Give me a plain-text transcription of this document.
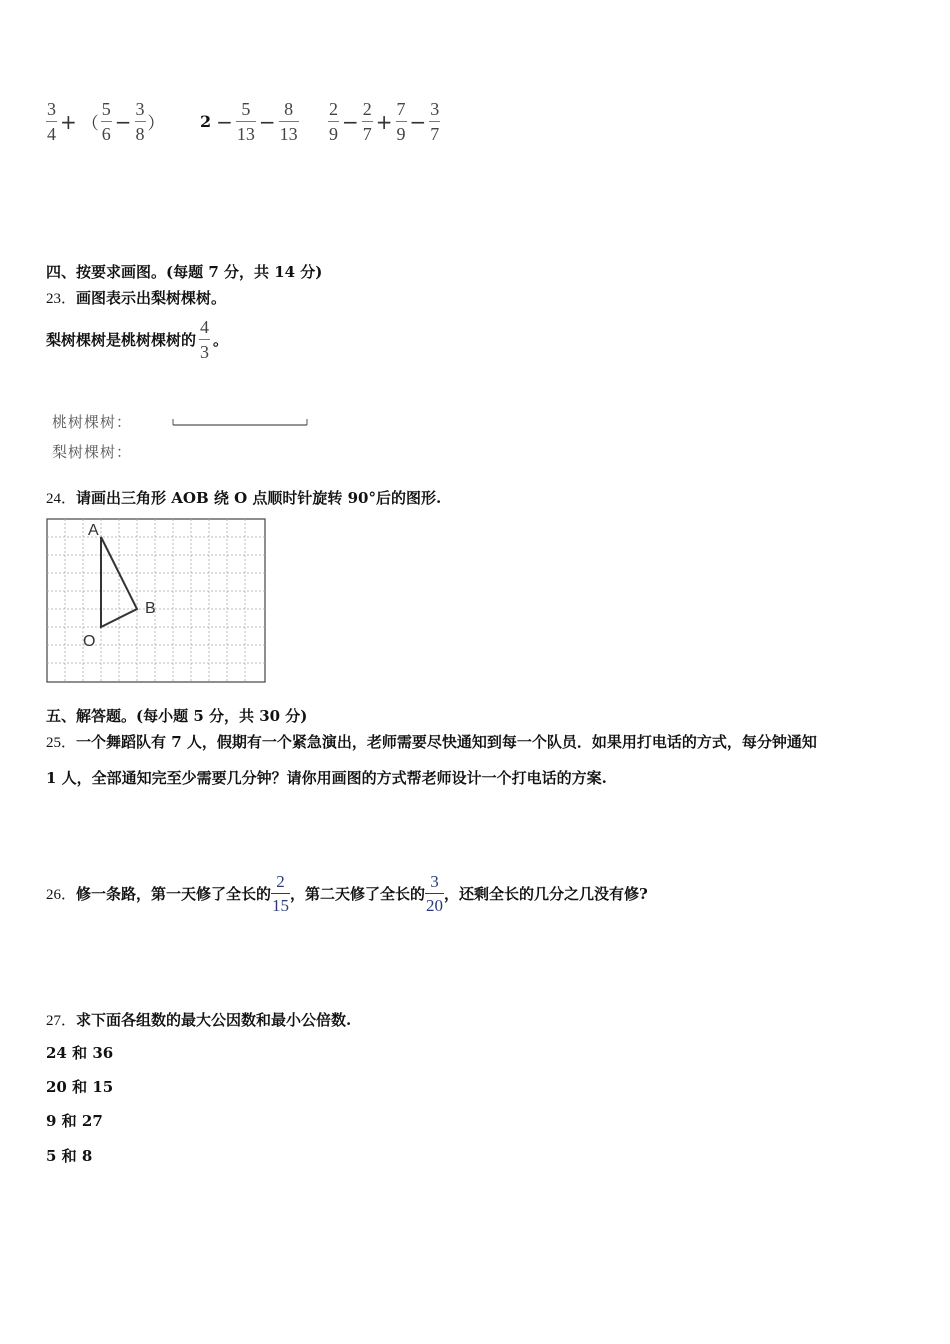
$\frac{3}{4}$ + （ $\frac{5}{6} - \frac{3}{8}$ ） $2 - \frac{5}{13} - \frac{8}{13} \frac{2}{9} - \frac{2}{7} + \frac{7}{9} - \frac{3}{7}$
四、按要求画图。(每题 7 分，共 14 分)
23．画图表示出梨树棵树。
梨树棵树是桃树棵树的 $\frac{4}{3}$ 。
桃树棵树：
梨树棵树：
24．请画出三角形 AOB 绕 O 点顺时针旋转 90°后的图形.
A
B
O
五、解答题。(每小题 5 分，共 30 分)
25．一个舞蹈队有 7 人，假期有一个紧急演出，老师需要尽快通知到每一个队员．如果用打电话的方式，每分钟通知
1 人，全部通知完至少需要几分钟？请你用画图的方式帮老师设计一个打电话的方案.
26．修一条路，第一天修了全长的 $\frac{2}{15}$ ，第二天修了全长的 $\frac{3}{20}$ ，还剩全长的几分之几没有修?
27．求下面各组数的最大公因数和最小公倍数.
24 和 36
20 和 15
9 和 27
5 和 8
